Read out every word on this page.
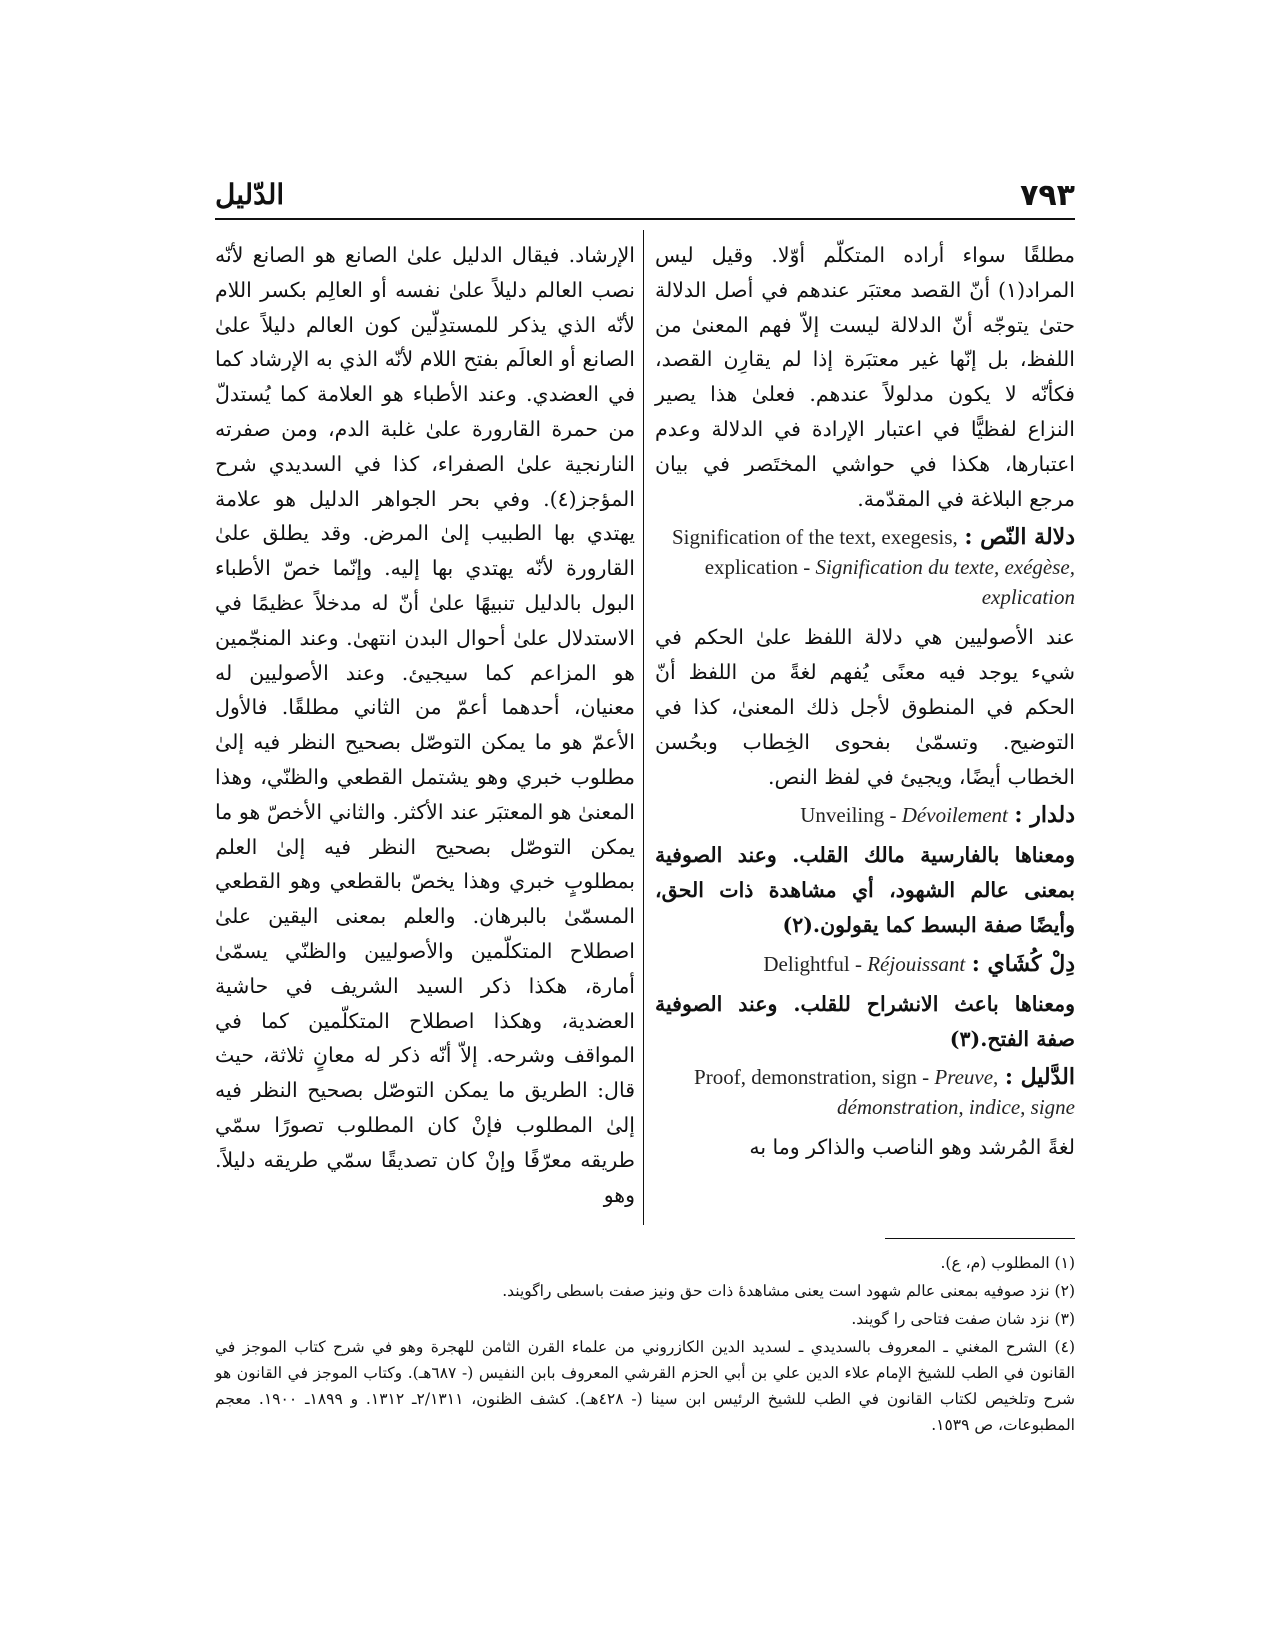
٧٩٣
الدّليل

مطلقًا سواء أراده المتكلّم أوّلا. وقيل ليس المراد(١) أنّ القصد معتبَر عندهم في أصل الدلالة حتىٰ يتوجّه أنّ الدلالة ليست إلاّ فهم المعنىٰ من اللفظ، بل إنّها غير معتبَرة إذا لم يقارِن القصد، فكأنّه لا يكون مدلولاً عندهم. فعلىٰ هذا يصير النزاع لفظيًّا في اعتبار الإرادة في الدلالة وعدم اعتبارها، هكذا في حواشي المختَصر في بيان مرجع البلاغة في المقدّمة.

دلالة النّص : Signification of the text, exegesis, explication - Signification du texte, exégèse, explication

عند الأصوليين هي دلالة اللفظ علىٰ الحكم في شيء يوجد فيه معنًى يُفهم لغةً من اللفظ أنّ الحكم في المنطوق لأجل ذلك المعنىٰ، كذا في التوضيح. وتسمّىٰ بفحوى الخِطاب وبحُسن الخطاب أيضًا، ويجيئ في لفظ النص.

دلدار : Unveiling - Dévoilement

ومعناها بالفارسية مالك القلب. وعند الصوفية بمعنى عالم الشهود، أي مشاهدة ذات الحق، وأيضًا صفة البسط كما يقولون.(٢)

دِلْ كُشَاي : Delightful - Réjouissant

ومعناها باعث الانشراح للقلب. وعند الصوفية صفة الفتح.(٣)

الدَّليل : Proof, demonstration, sign - Preuve, démonstration, indice, signe

لغةً المُرشد وهو الناصب والذاكر وما به

الإرشاد. فيقال الدليل علىٰ الصانع هو الصانع لأنّه نصب العالم دليلاً علىٰ نفسه أو العالِم بكسر اللام لأنّه الذي يذكر للمستدِلّين كون العالم دليلاً علىٰ الصانع أو العالَم بفتح اللام لأنّه الذي به الإرشاد كما في العضدي. وعند الأطباء هو العلامة كما يُستدلّ من حمرة القارورة علىٰ غلبة الدم، ومن صفرته النارنجية علىٰ الصفراء، كذا في السديدي شرح المؤجز(٤). وفي بحر الجواهر الدليل هو علامة يهتدي بها الطبيب إلىٰ المرض. وقد يطلق علىٰ القارورة لأنّه يهتدي بها إليه. وإنّما خصّ الأطباء البول بالدليل تنبيهًا علىٰ أنّ له مدخلاً عظيمًا في الاستدلال علىٰ أحوال البدن انتهىٰ. وعند المنجّمين هو المزاعم كما سيجيئ. وعند الأصوليين له معنيان، أحدهما أعمّ من الثاني مطلقًا. فالأول الأعمّ هو ما يمكن التوصّل بصحيح النظر فيه إلىٰ مطلوب خبري وهو يشتمل القطعي والظنّي، وهذا المعنىٰ هو المعتبَر عند الأكثر. والثاني الأخصّ هو ما يمكن التوصّل بصحيح النظر فيه إلىٰ العلم بمطلوبٍ خبري وهذا يخصّ بالقطعي وهو القطعي المسمّىٰ بالبرهان. والعلم بمعنى اليقين علىٰ اصطلاح المتكلّمين والأصوليين والظنّي يسمّىٰ أمارة، هكذا ذكر السيد الشريف في حاشية العضدية، وهكذا اصطلاح المتكلّمين كما في المواقف وشرحه. إلاّ أنّه ذكر له معانٍ ثلاثة، حيث قال: الطريق ما يمكن التوصّل بصحيح النظر فيه إلىٰ المطلوب فإنْ كان المطلوب تصورًا سمّي طريقه معرّفًا وإنْ كان تصديقًا سمّي طريقه دليلاً. وهو

(١) المطلوب (م، ع).

(٢) نزد صوفيه بمعنى عالم شهود است يعنى مشاهدهٔ ذات حق ونيز صفت باسطى راگويند.

(٣) نزد شان صفت فتاحى را گويند.

(٤) الشرح المغني ـ المعروف بالسديدي ـ لسديد الدين الكازروني من علماء القرن الثامن للهجرة وهو في شرح كتاب الموجز في القانون في الطب للشيخ الإمام علاء الدين علي بن أبي الحزم القرشي المعروف بابن النفيس (- ٦٨٧هـ). وكتاب الموجز في القانون هو شرح وتلخيص لكتاب القانون في الطب للشيخ الرئيس ابن سينا (- ٤٢٨هـ). كشف الظنون، ٢/١٣١١ـ ١٣١٢. و ١٨٩٩ـ ١٩٠٠. معجم المطبوعات، ص ١٥٣٩.
